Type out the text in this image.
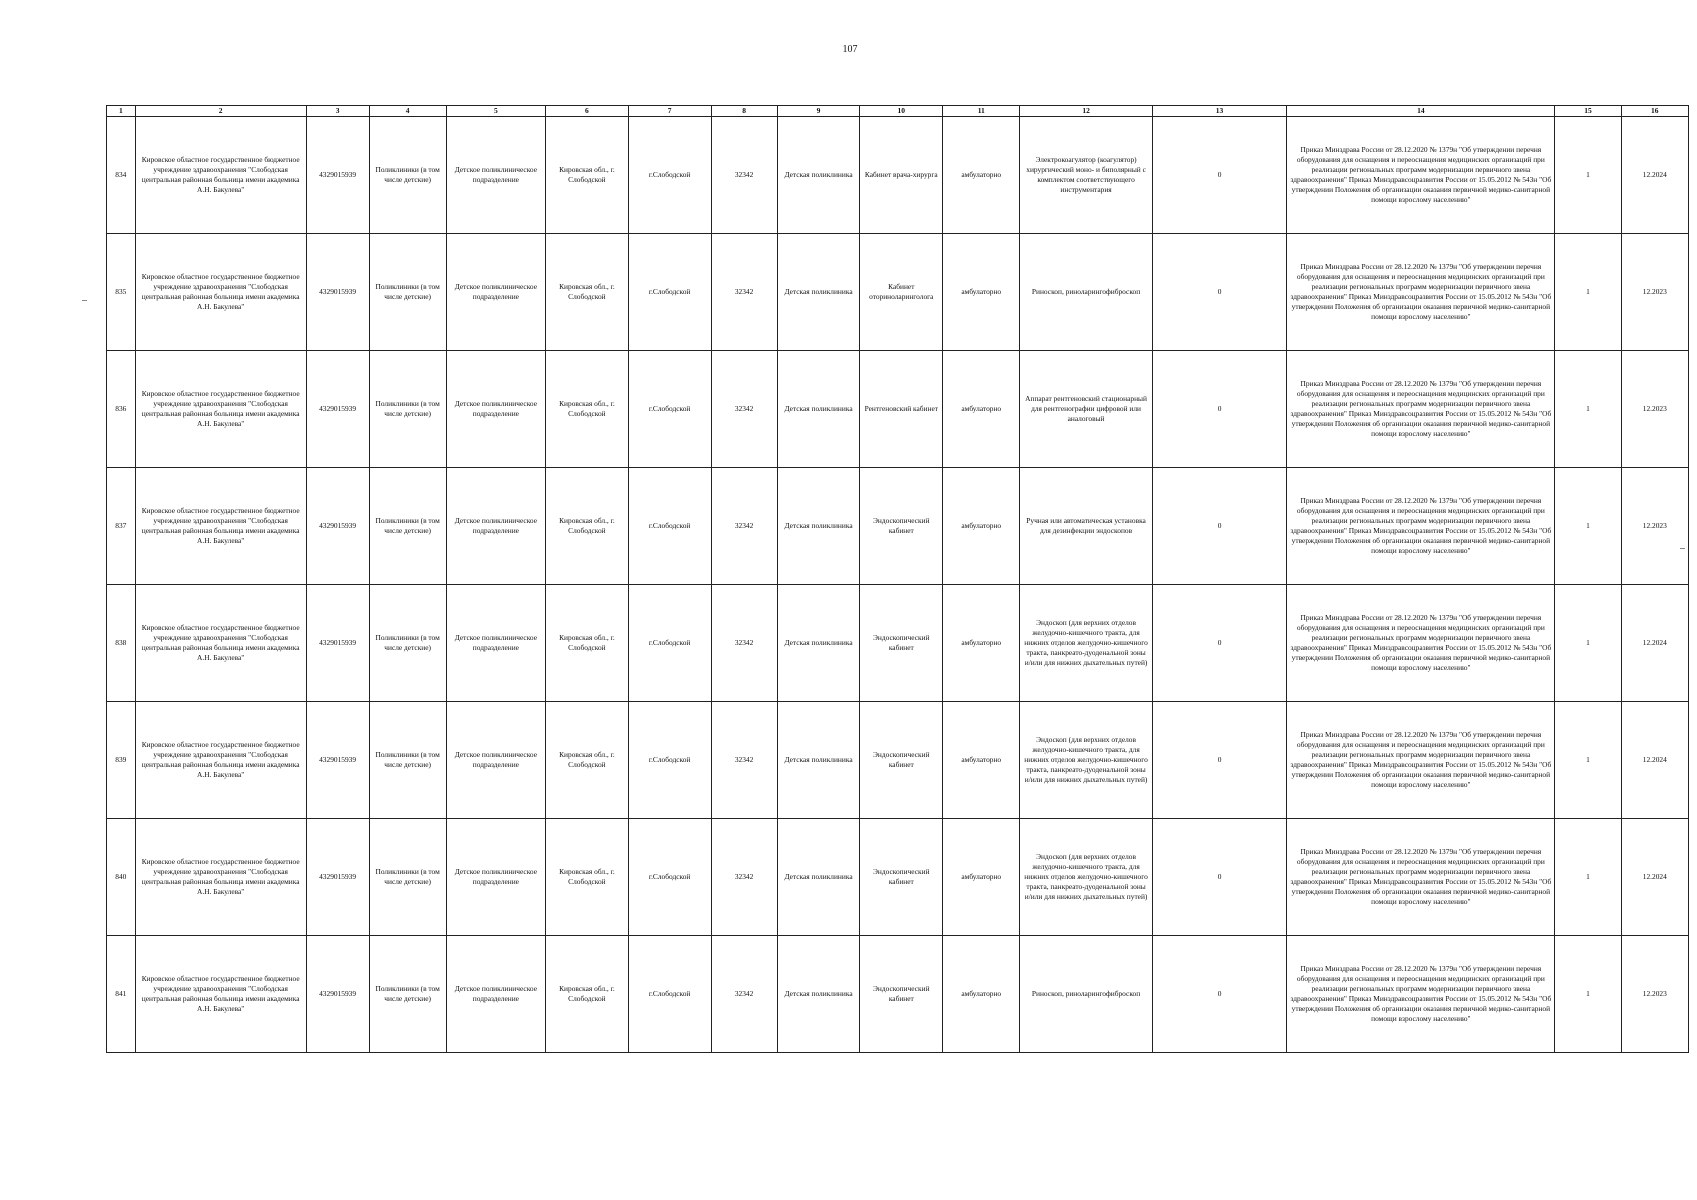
107
1	2	3	4	5	6	7	8	9	10	11	12	13	14	15	16
834	Кировское областное государственное бюджетное учреждение здравоохранения "Слободская центральная районная больница имени академика А.Н. Бакулева"	4329015939	Поликлиники (в том числе детские)	Детское поликлиническое подразделение	Кировская обл., г. Слободской	г.Слободской	32342	Детская поликлиника	Кабинет врача-хирурга	амбулаторно	Электрокоагулятор (коагулятор) хирургический моно- и биполярный с комплектом соответствующего инструментария	0	Приказ Минздрава России от 28.12.2020 № 1379н "Об утверждении перечня оборудования для оснащения и переоснащения медицинских организаций при реализации региональных программ модернизации первичного звена здравоохранения" Приказ Минздравсоцразвития России от 15.05.2012 № 543н "Об утверждении Положения об организации оказания первичной медико-санитарной помощи взрослому населению"	1	12.2024
835	Кировское областное государственное бюджетное учреждение здравоохранения "Слободская центральная районная больница имени академика А.Н. Бакулева"	4329015939	Поликлиники (в том числе детские)	Детское поликлиническое подразделение	Кировская обл., г. Слободской	г.Слободской	32342	Детская поликлиника	Кабинет оториноларинголога	амбулаторно	Риноскоп, риноларингофиброскоп	0	Приказ Минздрава России от 28.12.2020 № 1379н "Об утверждении перечня оборудования для оснащения и переоснащения медицинских организаций при реализации региональных программ модернизации первичного звена здравоохранения" Приказ Минздравсоцразвития России от 15.05.2012 № 543н "Об утверждении Положения об организации оказания первичной медико-санитарной помощи взрослому населению"	1	12.2023
836	Кировское областное государственное бюджетное учреждение здравоохранения "Слободская центральная районная больница имени академика А.Н. Бакулева"	4329015939	Поликлиники (в том числе детские)	Детское поликлиническое подразделение	Кировская обл., г. Слободской	г.Слободской	32342	Детская поликлиника	Рентгеновский кабинет	амбулаторно	Аппарат рентгеновский стационарный для рентгенографии цифровой или аналоговый	0	Приказ Минздрава России от 28.12.2020 № 1379н "Об утверждении перечня оборудования для оснащения и переоснащения медицинских организаций при реализации региональных программ модернизации первичного звена здравоохранения" Приказ Минздравсоцразвития России от 15.05.2012 № 543н "Об утверждении Положения об организации оказания первичной медико-санитарной помощи взрослому населению"	1	12.2023
837	Кировское областное государственное бюджетное учреждение здравоохранения "Слободская центральная районная больница имени академика А.Н. Бакулева"	4329015939	Поликлиники (в том числе детские)	Детское поликлиническое подразделение	Кировская обл., г. Слободской	г.Слободской	32342	Детская поликлиника	Эндоскопический кабинет	амбулаторно	Ручная или автоматическая установка для дезинфекции эндоскопов	0	Приказ Минздрава России от 28.12.2020 № 1379н "Об утверждении перечня оборудования для оснащения и переоснащения медицинских организаций при реализации региональных программ модернизации первичного звена здравоохранения" Приказ Минздравсоцразвития России от 15.05.2012 № 543н "Об утверждении Положения об организации оказания первичной медико-санитарной помощи взрослому населению"	1	12.2023
838	Кировское областное государственное бюджетное учреждение здравоохранения "Слободская центральная районная больница имени академика А.Н. Бакулева"	4329015939	Поликлиники (в том числе детские)	Детское поликлиническое подразделение	Кировская обл., г. Слободской	г.Слободской	32342	Детская поликлиника	Эндоскопический кабинет	амбулаторно	Эндоскоп (для верхних отделов желудочно-кишечного тракта, для нижних отделов желудочно-кишечного тракта, панкреато-дуоденальной зоны и/или для нижних дыхательных путей)	0	Приказ Минздрава России от 28.12.2020 № 1379н "Об утверждении перечня оборудования для оснащения и переоснащения медицинских организаций при реализации региональных программ модернизации первичного звена здравоохранения" Приказ Минздравсоцразвития России от 15.05.2012 № 543н "Об утверждении Положения об организации оказания первичной медико-санитарной помощи взрослому населению"	1	12.2024
839	Кировское областное государственное бюджетное учреждение здравоохранения "Слободская центральная районная больница имени академика А.Н. Бакулева"	4329015939	Поликлиники (в том числе детские)	Детское поликлиническое подразделение	Кировская обл., г. Слободской	г.Слободской	32342	Детская поликлиника	Эндоскопический кабинет	амбулаторно	Эндоскоп (для верхних отделов желудочно-кишечного тракта, для нижних отделов желудочно-кишечного тракта, панкреато-дуоденальной зоны и/или для нижних дыхательных путей)	0	Приказ Минздрава России от 28.12.2020 № 1379н "Об утверждении перечня оборудования для оснащения и переоснащения медицинских организаций при реализации региональных программ модернизации первичного звена здравоохранения" Приказ Минздравсоцразвития России от 15.05.2012 № 543н "Об утверждении Положения об организации оказания первичной медико-санитарной помощи взрослому населению"	1	12.2024
840	Кировское областное государственное бюджетное учреждение здравоохранения "Слободская центральная районная больница имени академика А.Н. Бакулева"	4329015939	Поликлиники (в том числе детские)	Детское поликлиническое подразделение	Кировская обл., г. Слободской	г.Слободской	32342	Детская поликлиника	Эндоскопический кабинет	амбулаторно	Эндоскоп (для верхних отделов желудочно-кишечного тракта, для нижних отделов желудочно-кишечного тракта, панкреато-дуоденальной зоны и/или для нижних дыхательных путей)	0	Приказ Минздрава России от 28.12.2020 № 1379н "Об утверждении перечня оборудования для оснащения и переоснащения медицинских организаций при реализации региональных программ модернизации первичного звена здравоохранения" Приказ Минздравсоцразвития России от 15.05.2012 № 543н "Об утверждении Положения об организации оказания первичной медико-санитарной помощи взрослому населению"	1	12.2024
841	Кировское областное государственное бюджетное учреждение здравоохранения "Слободская центральная районная больница имени академика А.Н. Бакулева"	4329015939	Поликлиники (в том числе детские)	Детское поликлиническое подразделение	Кировская обл., г. Слободской	г.Слободской	32342	Детская поликлиника	Эндоскопический кабинет	амбулаторно	Риноскоп, риноларингофиброскоп	0	Приказ Минздрава России от 28.12.2020 № 1379н "Об утверждении перечня оборудования для оснащения и переоснащения медицинских организаций при реализации региональных программ модернизации первичного звена здравоохранения" Приказ Минздравсоцразвития России от 15.05.2012 № 543н "Об утверждении Положения об организации оказания первичной медико-санитарной помощи взрослому населению"	1	12.2023
